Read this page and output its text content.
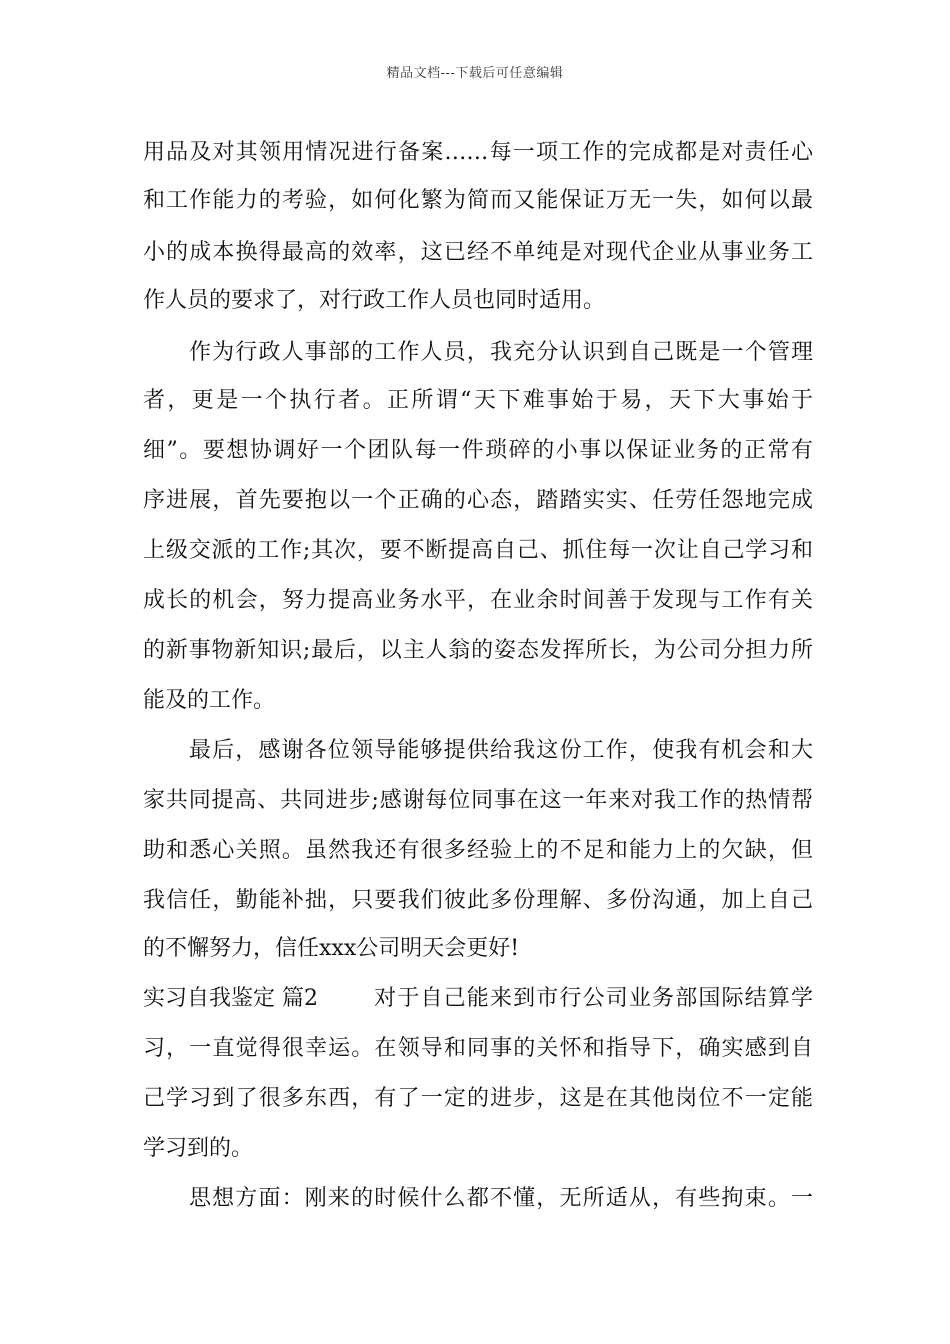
精品文档---下载后可任意编辑
用品及对其领用情况进行备案……每一项工作的完成都是对责任心
和工作能力的考验，如何化繁为简而又能保证万无一失，如何以最
小的成本换得最高的效率，这已经不单纯是对现代企业从事业务工
作人员的要求了，对行政工作人员也同时适用。
作为行政人事部的工作人员，我充分认识到自己既是一个管理
者，更是一个执行者。正所谓“天下难事始于易，天下大事始于
细”。要想协调好一个团队每一件琐碎的小事以保证业务的正常有
序进展，首先要抱以一个正确的心态，踏踏实实、任劳任怨地完成
上级交派的工作;其次，要不断提高自己、抓住每一次让自己学习和
成长的机会，努力提高业务水平，在业余时间善于发现与工作有关
的新事物新知识;最后，以主人翁的姿态发挥所长，为公司分担力所
能及的工作。
最后，感谢各位领导能够提供给我这份工作，使我有机会和大
家共同提高、共同进步;感谢每位同事在这一年来对我工作的热情帮
助和悉心关照。虽然我还有很多经验上的不足和能力上的欠缺，但
我信任，勤能补拙，只要我们彼此多份理解、多份沟通，加上自己
的不懈努力，信任xxx公司明天会更好!
实习自我鉴定 篇2	对于自己能来到市行公司业务部国际结算学
习，一直觉得很幸运。在领导和同事的关怀和指导下，确实感到自
己学习到了很多东西，有了一定的进步，这是在其他岗位不一定能
学习到的。
思想方面：刚来的时候什么都不懂，无所适从，有些拘束。一
